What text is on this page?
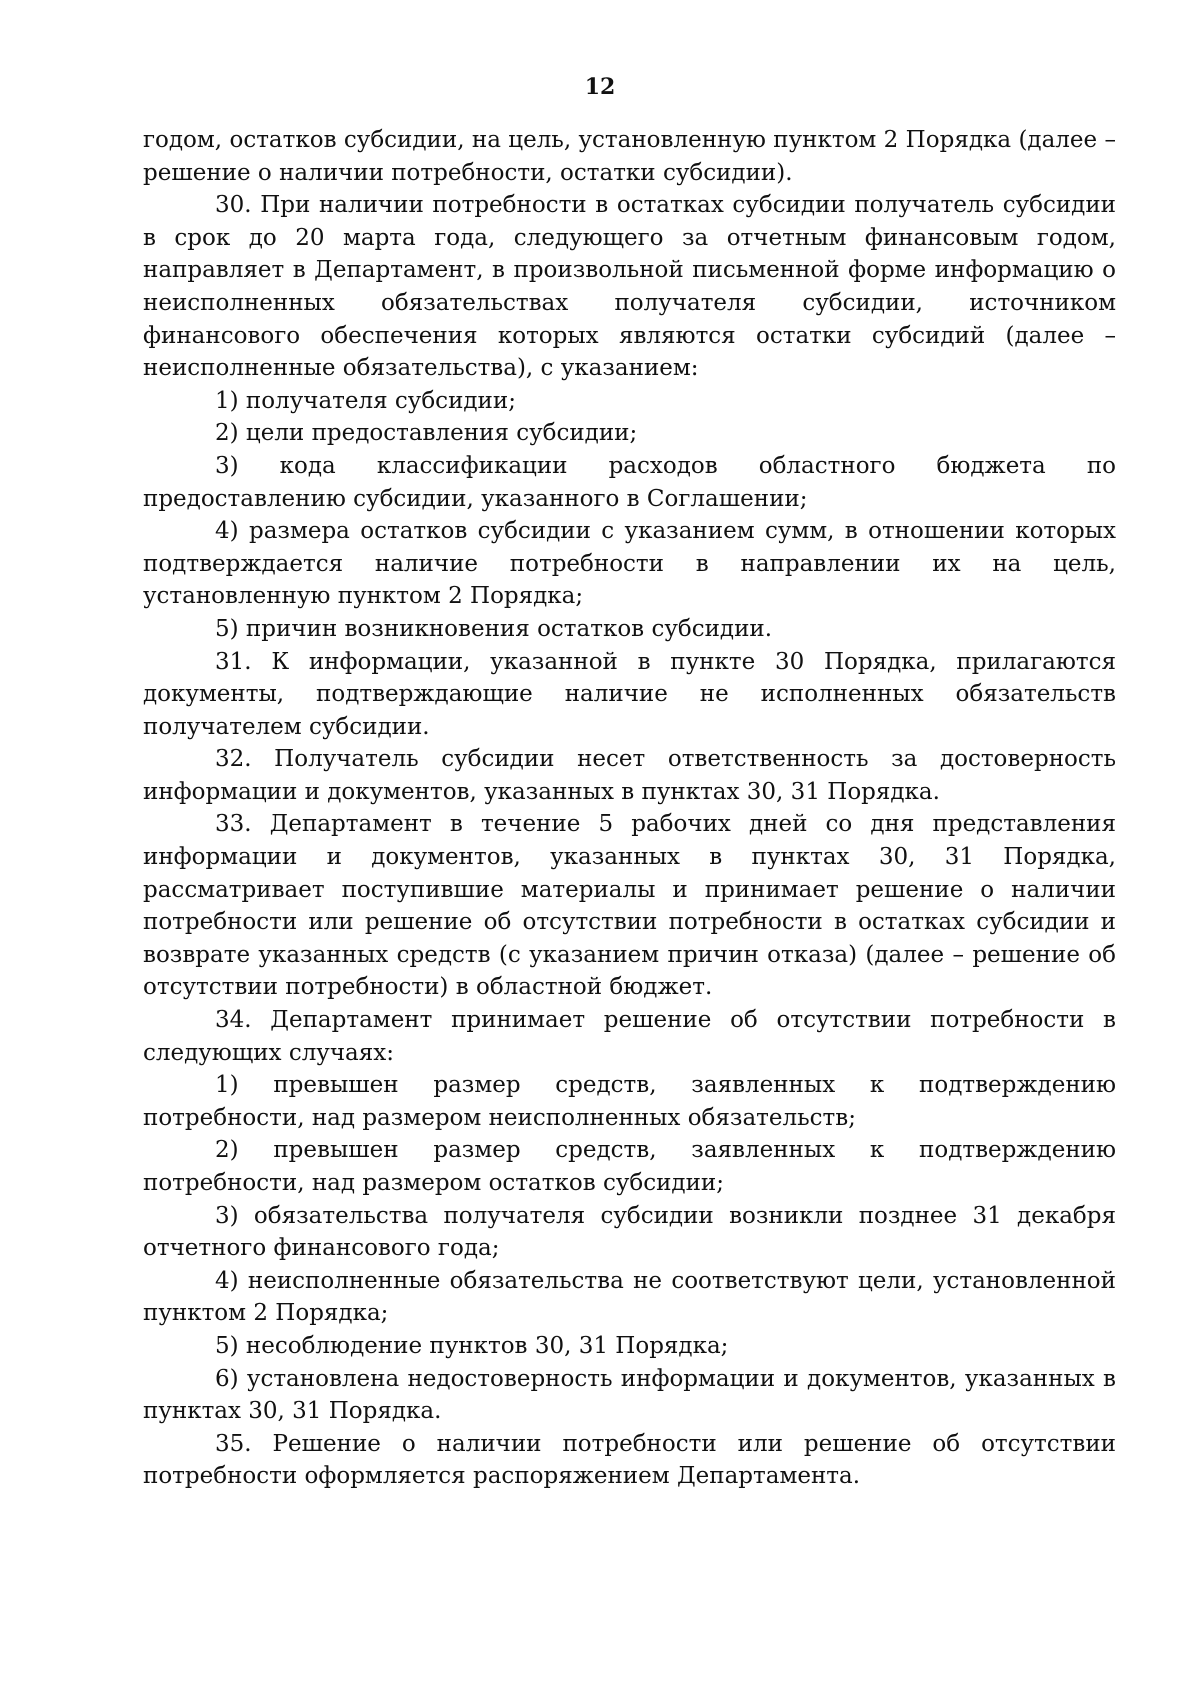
12

годом, остатков субсидии, на цель, установленную пунктом 2 Порядка (далее – решение о наличии потребности, остатки субсидии).

30. При наличии потребности в остатках субсидии получатель субсидии в срок до 20 марта года, следующего за отчетным финансовым годом, направляет в Департамент, в произвольной письменной форме информацию о неисполненных обязательствах получателя субсидии, источником финансового обеспечения которых являются остатки субсидий (далее – неисполненные обязательства), с указанием:

1) получателя субсидии;

2) цели предоставления субсидии;

3) кода классификации расходов областного бюджета по предоставлению субсидии, указанного в Соглашении;

4) размера остатков субсидии с указанием сумм, в отношении которых подтверждается наличие потребности в направлении их на цель, установленную пунктом 2 Порядка;

5) причин возникновения остатков субсидии.

31. К информации, указанной в пункте 30 Порядка, прилагаются документы, подтверждающие наличие не исполненных обязательств получателем субсидии.

32. Получатель субсидии несет ответственность за достоверность информации и документов, указанных в пунктах 30, 31 Порядка.

33. Департамент в течение 5 рабочих дней со дня представления информации и документов, указанных в пунктах 30, 31 Порядка, рассматривает поступившие материалы и принимает решение о наличии потребности или решение об отсутствии потребности в остатках субсидии и возврате указанных средств (с указанием причин отказа) (далее – решение об отсутствии потребности) в областной бюджет.

34. Департамент принимает решение об отсутствии потребности в следующих случаях:

1) превышен размер средств, заявленных к подтверждению потребности, над размером неисполненных обязательств;

2) превышен размер средств, заявленных к подтверждению потребности, над размером остатков субсидии;

3) обязательства получателя субсидии возникли позднее 31 декабря отчетного финансового года;

4) неисполненные обязательства не соответствуют цели, установленной пунктом 2 Порядка;

5) несоблюдение пунктов 30, 31 Порядка;

6) установлена недостоверность информации и документов, указанных в пунктах 30, 31 Порядка.

35. Решение о наличии потребности или решение об отсутствии потребности оформляется распоряжением Департамента.
